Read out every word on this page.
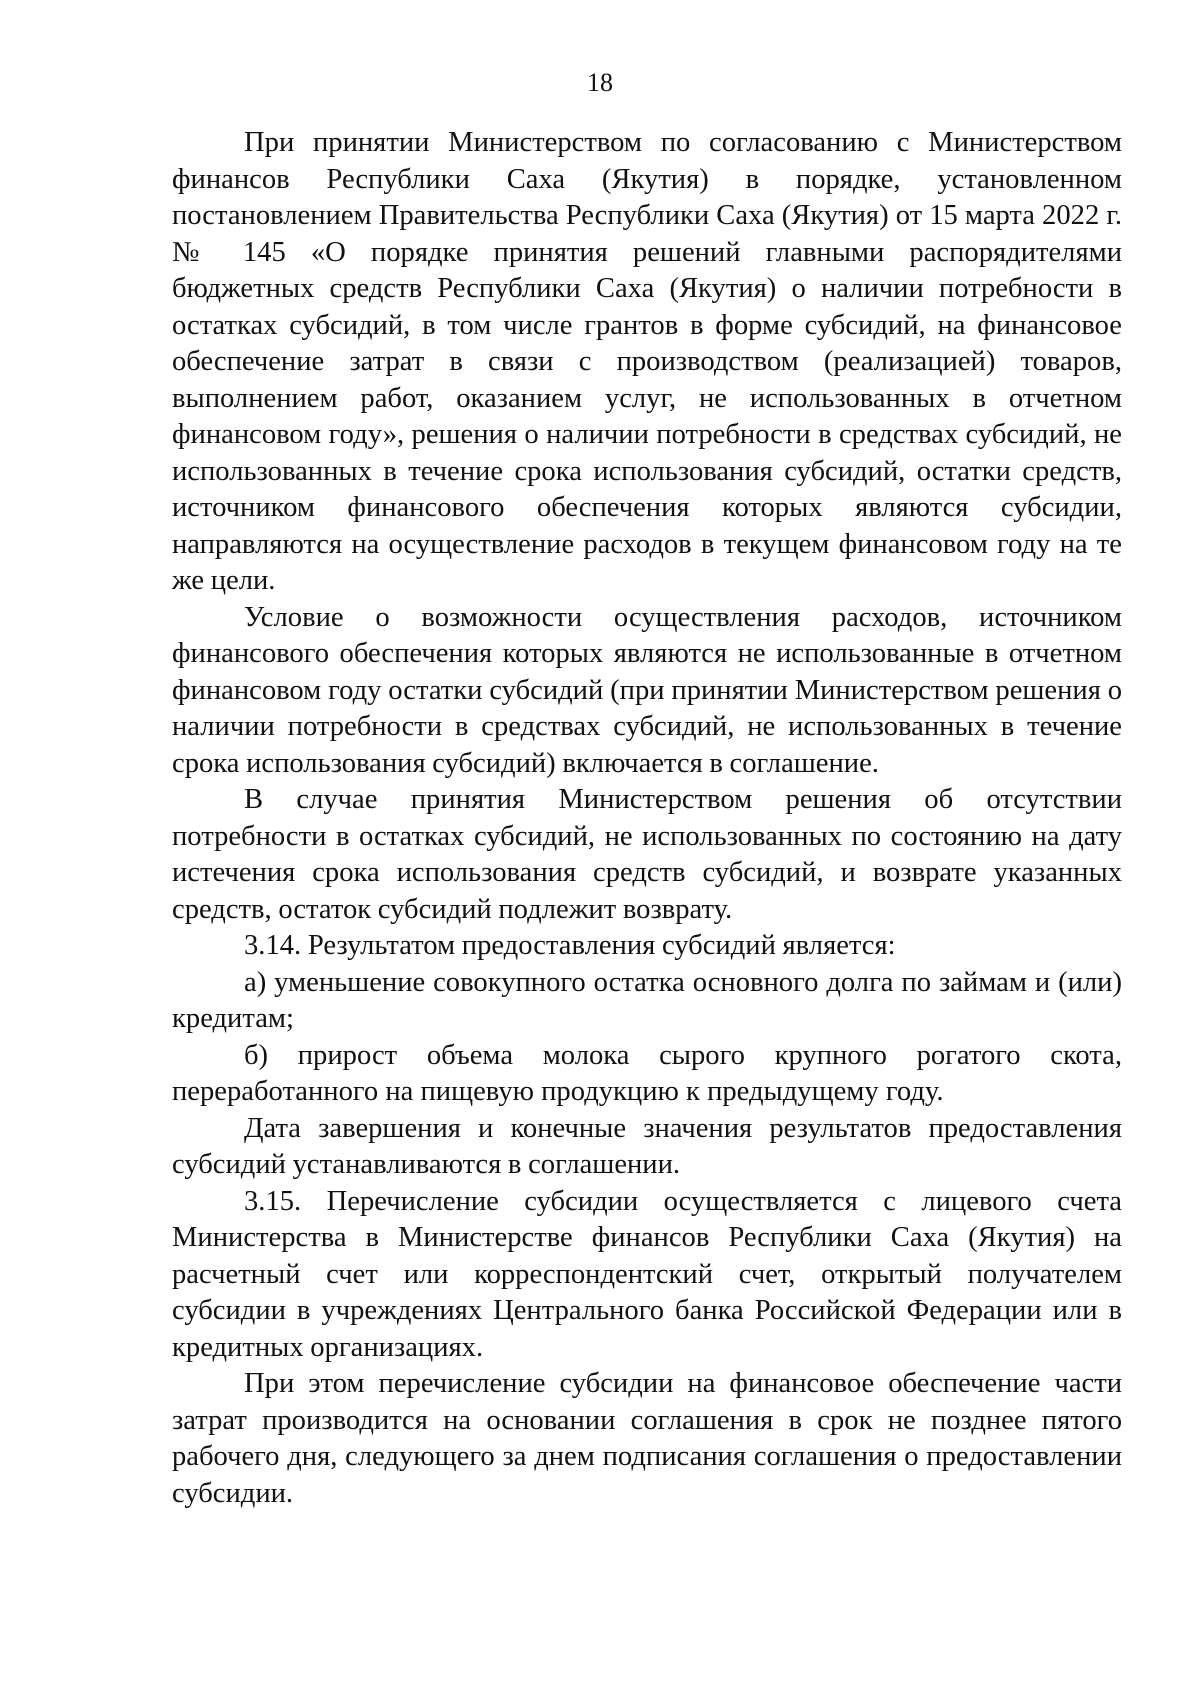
18

При принятии Министерством по согласованию с Министерством финансов Республики Саха (Якутия) в порядке, установленном постановлением Правительства Республики Саха (Якутия) от 15 марта 2022 г. № 145 «О порядке принятия решений главными распорядителями бюджетных средств Республики Саха (Якутия) о наличии потребности в остатках субсидий, в том числе грантов в форме субсидий, на финансовое обеспечение затрат в связи с производством (реализацией) товаров, выполнением работ, оказанием услуг, не использованных в отчетном финансовом году», решения о наличии потребности в средствах субсидий, не использованных в течение срока использования субсидий, остатки средств, источником финансового обеспечения которых являются субсидии, направляются на осуществление расходов в текущем финансовом году на те же цели.

Условие о возможности осуществления расходов, источником финансового обеспечения которых являются не использованные в отчетном финансовом году остатки субсидий (при принятии Министерством решения о наличии потребности в средствах субсидий, не использованных в течение срока использования субсидий) включается в соглашение.

В случае принятия Министерством решения об отсутствии потребности в остатках субсидий, не использованных по состоянию на дату истечения срока использования средств субсидий, и возврате указанных средств, остаток субсидий подлежит возврату.

3.14. Результатом предоставления субсидий является:

а) уменьшение совокупного остатка основного долга по займам и (или) кредитам;

б) прирост объема молока сырого крупного рогатого скота, переработанного на пищевую продукцию к предыдущему году.

Дата завершения и конечные значения результатов предоставления субсидий устанавливаются в соглашении.

3.15. Перечисление субсидии осуществляется с лицевого счета Министерства в Министерстве финансов Республики Саха (Якутия) на расчетный счет или корреспондентский счет, открытый получателем субсидии в учреждениях Центрального банка Российской Федерации или в кредитных организациях.

При этом перечисление субсидии на финансовое обеспечение части затрат производится на основании соглашения в срок не позднее пятого рабочего дня, следующего за днем подписания соглашения о предоставлении субсидии.
